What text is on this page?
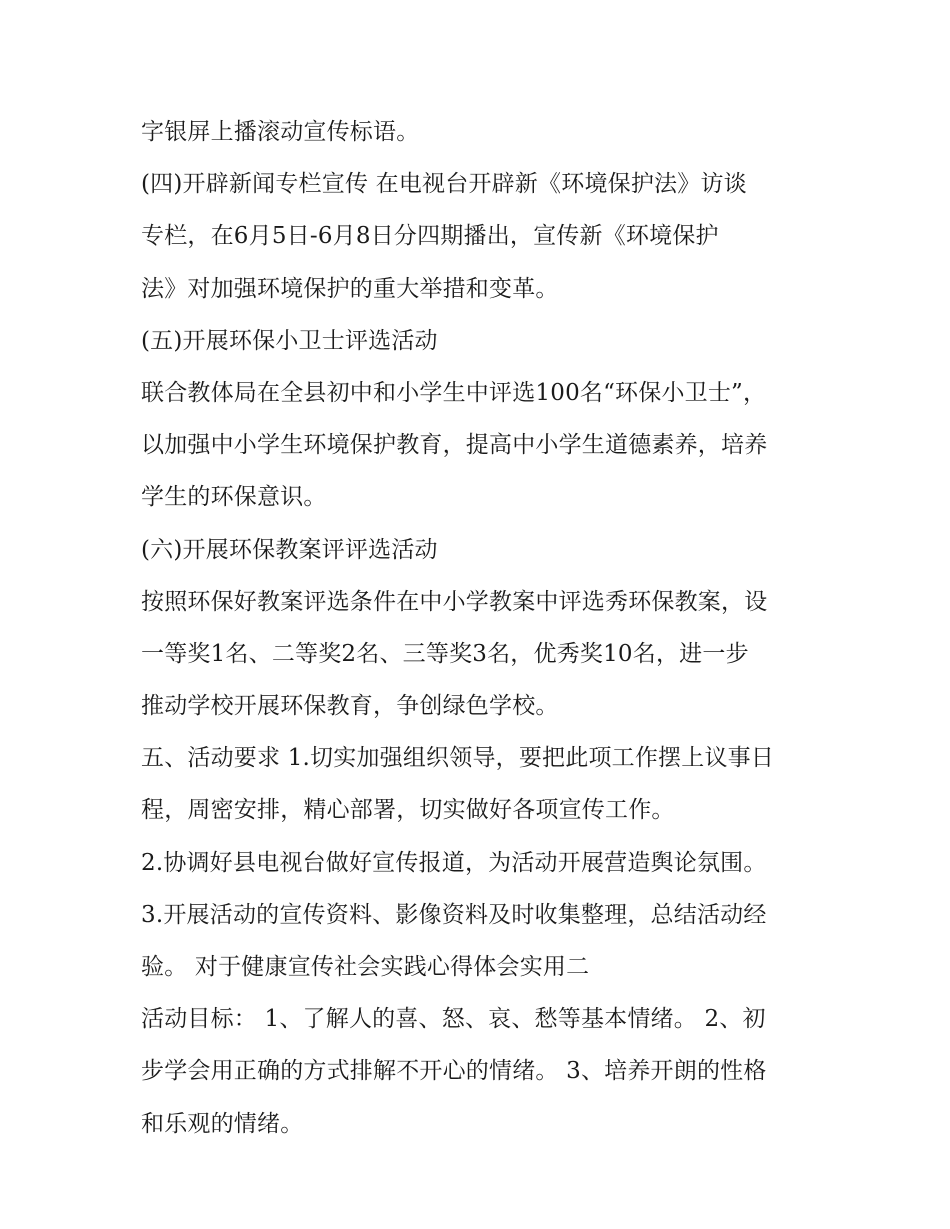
字银屏上播滚动宣传标语。
(四)开辟新闻专栏宣传 在电视台开辟新《环境保护法》访谈
专栏，在6月5日-6月8日分四期播出，宣传新《环境保护
法》对加强环境保护的重大举措和变革。
(五)开展环保小卫士评选活动
联合教体局在全县初中和小学生中评选100名“环保小卫士”，
以加强中小学生环境保护教育，提高中小学生道德素养，培养
学生的环保意识。
(六)开展环保教案评评选活动
按照环保好教案评选条件在中小学教案中评选秀环保教案，设
一等奖1名、二等奖2名、三等奖3名，优秀奖10名，进一步
推动学校开展环保教育，争创绿色学校。
五、活动要求 1.切实加强组织领导，要把此项工作摆上议事日
程，周密安排，精心部署，切实做好各项宣传工作。
2.协调好县电视台做好宣传报道，为活动开展营造舆论氛围。
3.开展活动的宣传资料、影像资料及时收集整理，总结活动经
验。 对于健康宣传社会实践心得体会实用二
活动目标： 1、了解人的喜、怒、哀、愁等基本情绪。 2、初
步学会用正确的方式排解不开心的情绪。 3、培养开朗的性格
和乐观的情绪。
